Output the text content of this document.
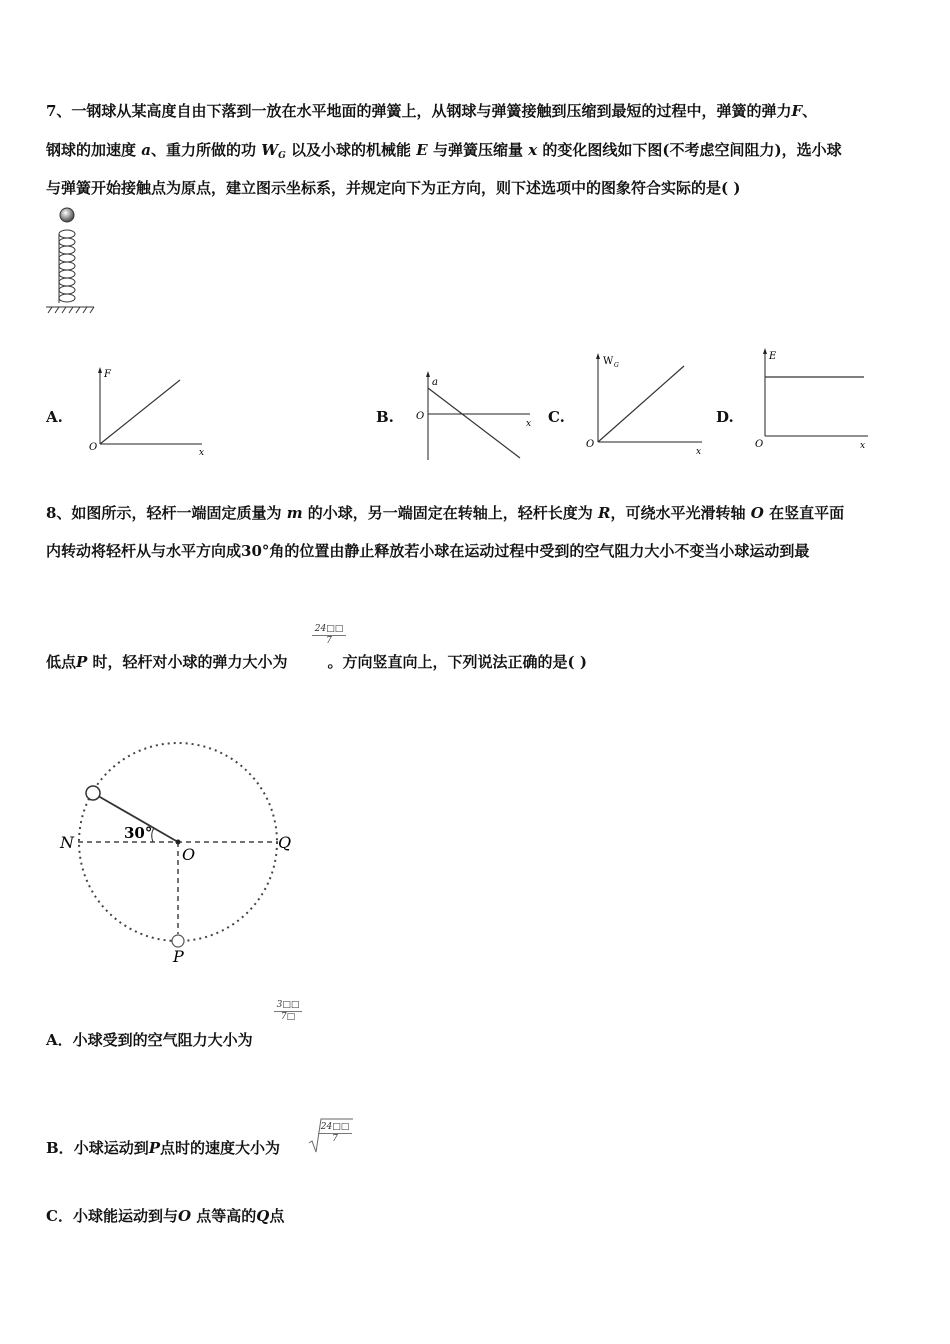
7、一钢球从某高度自由下落到一放在水平地面的弹簧上，从钢球与弹簧接触到压缩到最短的过程中，弹簧的弹力F、
钢球的加速度 a、重力所做的功 $W_G$ 以及小球的机械能 E 与弹簧压缩量 x 的变化图线如下图(不考虑空间阻力)，选小球
与弹簧开始接触点为原点，建立图示坐标系，并规定向下为正方向，则下述选项中的图象符合实际的是( )
A.	B.	C.	D.
F
O	x
a
O
x
W G
O
x
E
O	x
8、如图所示，轻杆一端固定质量为 m 的小球，另一端固定在转轴上，轻杆长度为 R，可绕水平光滑转轴 O 在竖直平面
内转动将轻杆从与水平方向成30°角的位置由静止释放若小球在运动过程中受到的空气阻力大小不变当小球运动到最
$\frac{24□□}{7}$
低点P 时，轻杆对小球的弹力大小为	。方向竖直向上，下列说法正确的是( )
30°
N	Q
O
P
$\frac{3□□}{7□}$
A．小球受到的空气阻力大小为
B．小球运动到P点时的速度大小为
$\frac{24□□}{7}$
C．小球能运动到与O 点等高的Q点
